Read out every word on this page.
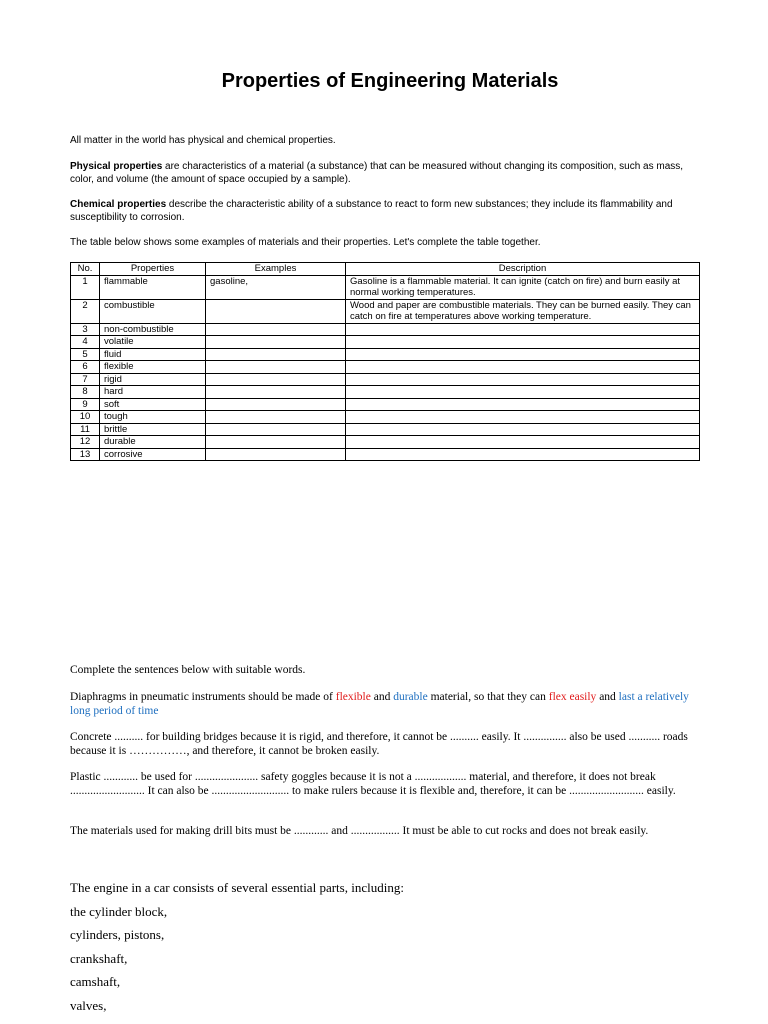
Properties of Engineering Materials
All matter in the world has physical and chemical properties.
Physical properties are characteristics of a material (a substance) that can be measured without changing its composition, such as mass, color, and volume (the amount of space occupied by a sample).
Chemical properties describe the characteristic ability of a substance to react to form new substances; they include its flammability and susceptibility to corrosion.
The table below shows some examples of materials and their properties. Let's complete the table together.
No.	Properties	Examples	Description
1	flammable	gasoline,	Gasoline is a flammable material. It can ignite (catch on fire) and burn easily at normal working temperatures.
2	combustible		Wood and paper are combustible materials. They can be burned easily. They can catch on fire at temperatures above working temperature.
3	non-combustible		
4	volatile		
5	fluid		
6	flexible		
7	rigid		
8	hard		
9	soft		
10	tough		
11	brittle		
12	durable		
13	corrosive		
Complete the sentences below with suitable words.
Diaphragms in pneumatic instruments should be made of flexible and durable material, so that they can flex easily and last a relatively long period of time
Concrete .......... for building bridges because it is rigid, and therefore, it cannot be .......... easily. It ............... also be used ........... roads because it is ……………, and therefore, it cannot be broken easily.
Plastic ............ be used for ...................... safety goggles because it is not a .................. material, and therefore, it does not break .......................... It can also be ........................... to make rulers because it is flexible and, therefore, it can be .......................... easily.
The materials used for making drill bits must be ............ and ................. It must be able to cut rocks and does not break easily.
The engine in a car consists of several essential parts, including:
the cylinder block,
cylinders, pistons,
crankshaft,
camshaft,
valves,
